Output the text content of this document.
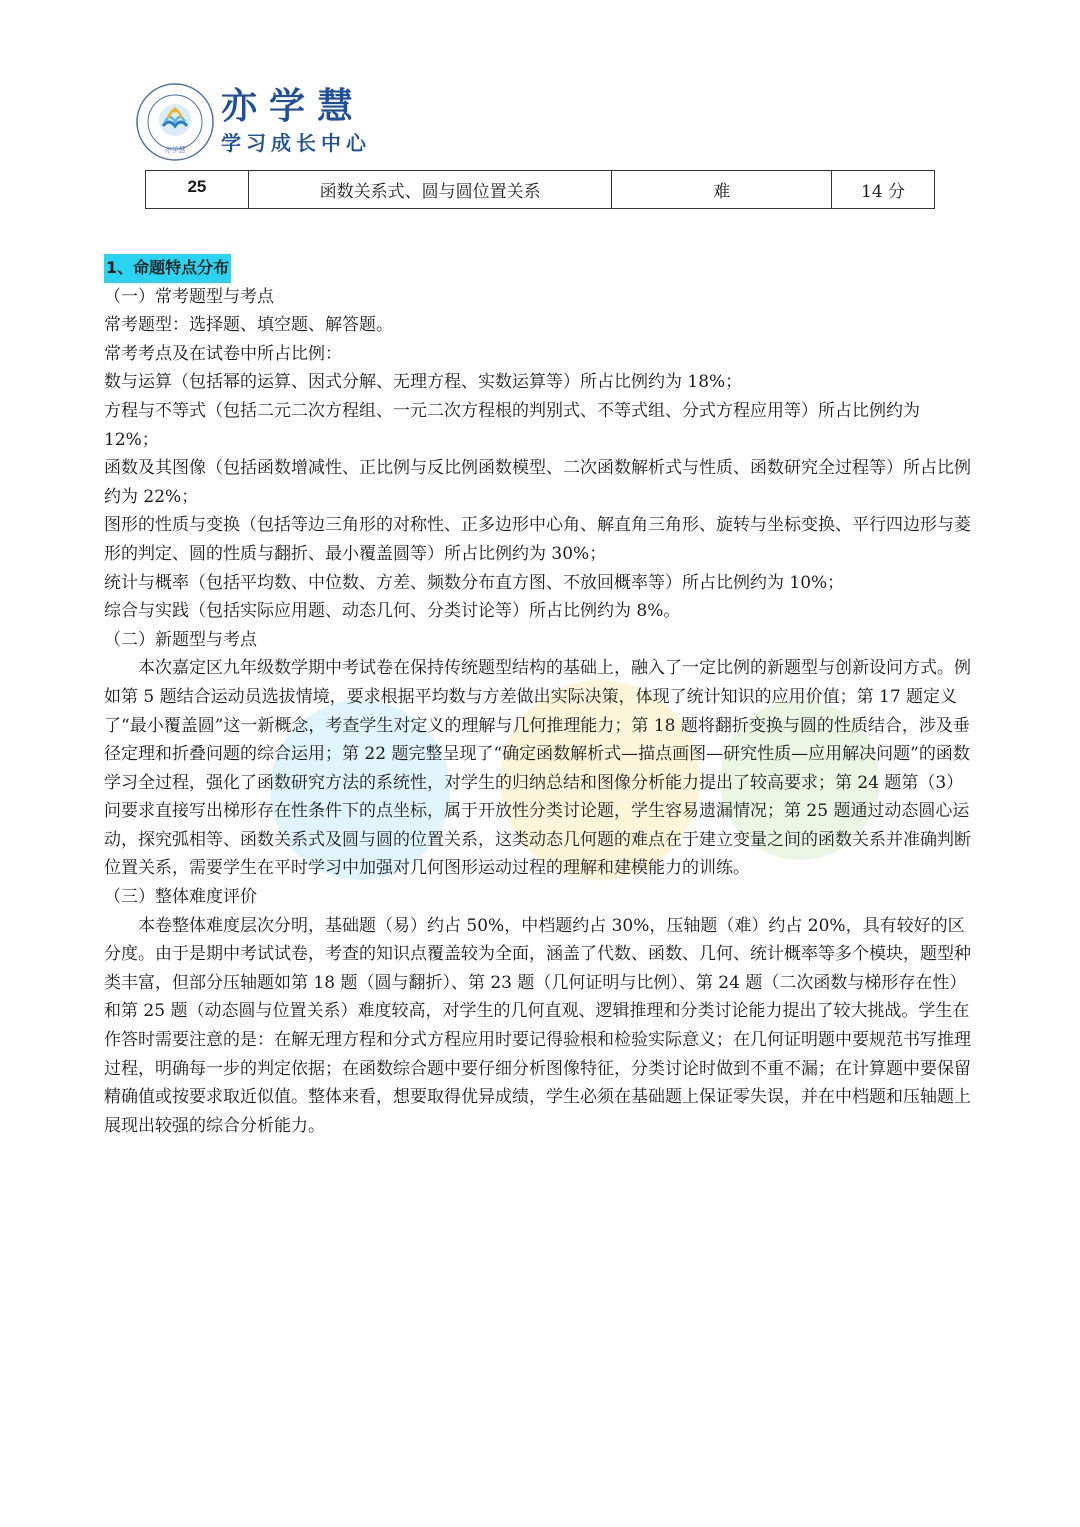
亦学慧
亦学慧
学习成长中心
25	函数关系式、圆与圆位置关系	难	14 分

1、命题特点分布

（一）常考题型与考点

常考题型：选择题、填空题、解答题。

常考考点及在试卷中所占比例：

数与运算（包括幂的运算、因式分解、无理方程、实数运算等）所占比例约为 18%；

方程与不等式（包括二元二次方程组、一元二次方程根的判别式、不等式组、分式方程应用等）所占比例约为 12%；

函数及其图像（包括函数增减性、正比例与反比例函数模型、二次函数解析式与性质、函数研究全过程等）所占比例约为 22%；

图形的性质与变换（包括等边三角形的对称性、正多边形中心角、解直角三角形、旋转与坐标变换、平行四边形与菱形的判定、圆的性质与翻折、最小覆盖圆等）所占比例约为 30%；

统计与概率（包括平均数、中位数、方差、频数分布直方图、不放回概率等）所占比例约为 10%；

综合与实践（包括实际应用题、动态几何、分类讨论等）所占比例约为 8%。

（二）新题型与考点

本次嘉定区九年级数学期中考试卷在保持传统题型结构的基础上，融入了一定比例的新题型与创新设问方式。例如第 5 题结合运动员选拔情境，要求根据平均数与方差做出实际决策，体现了统计知识的应用价值；第 17 题定义了“最小覆盖圆”这一新概念，考查学生对定义的理解与几何推理能力；第 18 题将翻折变换与圆的性质结合，涉及垂径定理和折叠问题的综合运用；第 22 题完整呈现了“确定函数解析式—描点画图—研究性质—应用解决问题”的函数学习全过程，强化了函数研究方法的系统性，对学生的归纳总结和图像分析能力提出了较高要求；第 24 题第（3）问要求直接写出梯形存在性条件下的点坐标，属于开放性分类讨论题，学生容易遗漏情况；第 25 题通过动态圆心运动，探究弧相等、函数关系式及圆与圆的位置关系，这类动态几何题的难点在于建立变量之间的函数关系并准确判断位置关系，需要学生在平时学习中加强对几何图形运动过程的理解和建模能力的训练。

（三）整体难度评价

本卷整体难度层次分明，基础题（易）约占 50%，中档题约占 30%，压轴题（难）约占 20%，具有较好的区分度。由于是期中考试试卷，考查的知识点覆盖较为全面，涵盖了代数、函数、几何、统计概率等多个模块，题型种类丰富，但部分压轴题如第 18 题（圆与翻折）、第 23 题（几何证明与比例）、第 24 题（二次函数与梯形存在性）和第 25 题（动态圆与位置关系）难度较高，对学生的几何直观、逻辑推理和分类讨论能力提出了较大挑战。学生在作答时需要注意的是：在解无理方程和分式方程应用时要记得验根和检验实际意义；在几何证明题中要规范书写推理过程，明确每一步的判定依据；在函数综合题中要仔细分析图像特征，分类讨论时做到不重不漏；在计算题中要保留精确值或按要求取近似值。整体来看，想要取得优异成绩，学生必须在基础题上保证零失误，并在中档题和压轴题上展现出较强的综合分析能力。
